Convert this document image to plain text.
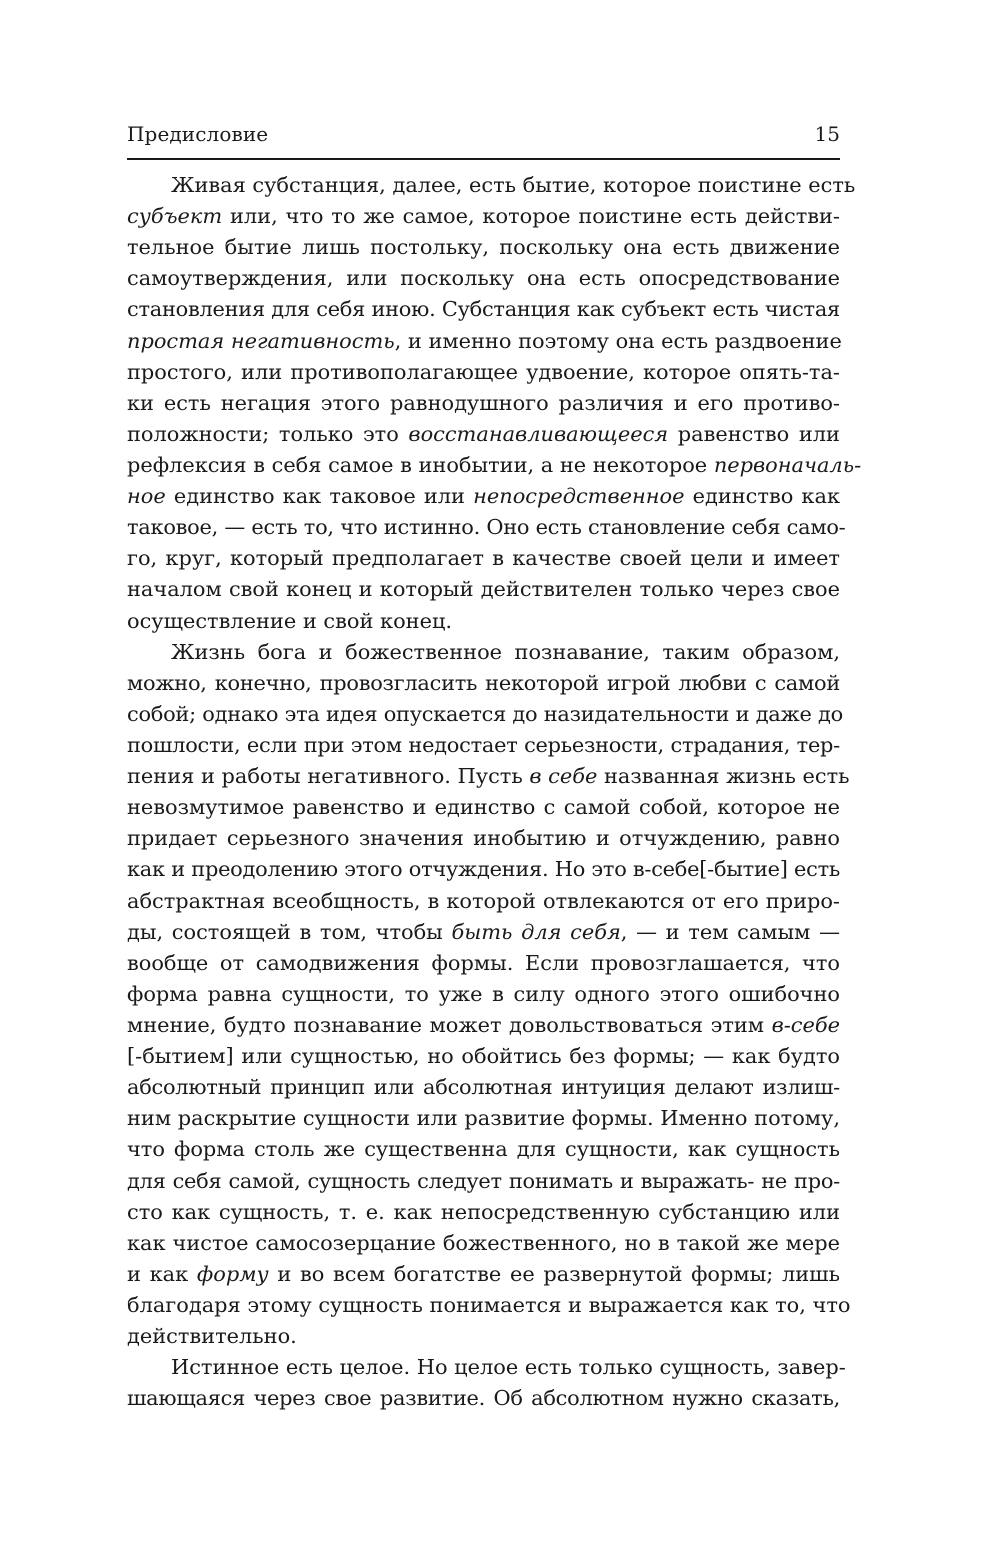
Предисловие	15
Живая субстанция, далее, есть бытие, которое поистине есть
субъект или, что то же самое, которое поистине есть действи-
тельное бытие лишь постольку, поскольку она есть движение
самоутверждения, или поскольку она есть опосредствование
становления для себя иною. Субстанция как субъект есть чистая
простая негативность, и именно поэтому она есть раздвоение
простого, или противополагающее удвоение, которое опять-та-
ки есть негация этого равнодушного различия и его противо-
положности; только это восстанавливающееся равенство или
рефлексия в себя самое в инобытии, а не некоторое первоначаль-
ное единство как таковое или непосредственное единство как
таковое, — есть то, что истинно. Оно есть становление себя само-
го, круг, который предполагает в качестве своей цели и имеет
началом свой конец и который действителен только через свое
осуществление и свой конец.
Жизнь бога и божественное познавание, таким образом,
можно, конечно, провозгласить некоторой игрой любви с самой
собой; однако эта идея опускается до назидательности и даже до
пошлости, если при этом недостает серьезности, страдания, тер-
пения и работы негативного. Пусть в себе названная жизнь есть
невозмутимое равенство и единство с самой собой, которое не
придает серьезного значения инобытию и отчуждению, равно
как и преодолению этого отчуждения. Но это в-себе[-бытие] есть
абстрактная всеобщность, в которой отвлекаются от его приро-
ды, состоящей в том, чтобы быть для себя, — и тем самым —
вообще от самодвижения формы. Если провозглашается, что
форма равна сущности, то уже в силу одного этого ошибочно
мнение, будто познавание может довольствоваться этим в-себе
[-бытием] или сущностью, но обойтись без формы; — как будто
абсолютный принцип или абсолютная интуиция делают излиш-
ним раскрытие сущности или развитие формы. Именно потому,
что форма столь же существенна для сущности, как сущность
для себя самой, сущность следует понимать и выражать- не про-
сто как сущность, т. е. как непосредственную субстанцию или
как чистое самосозерцание божественного, но в такой же мере
и как форму и во всем богатстве ее развернутой формы; лишь
благодаря этому сущность понимается и выражается как то, что
действительно.
Истинное есть целое. Но целое есть только сущность, завер-
шающаяся через свое развитие. Об абсолютном нужно сказать,
